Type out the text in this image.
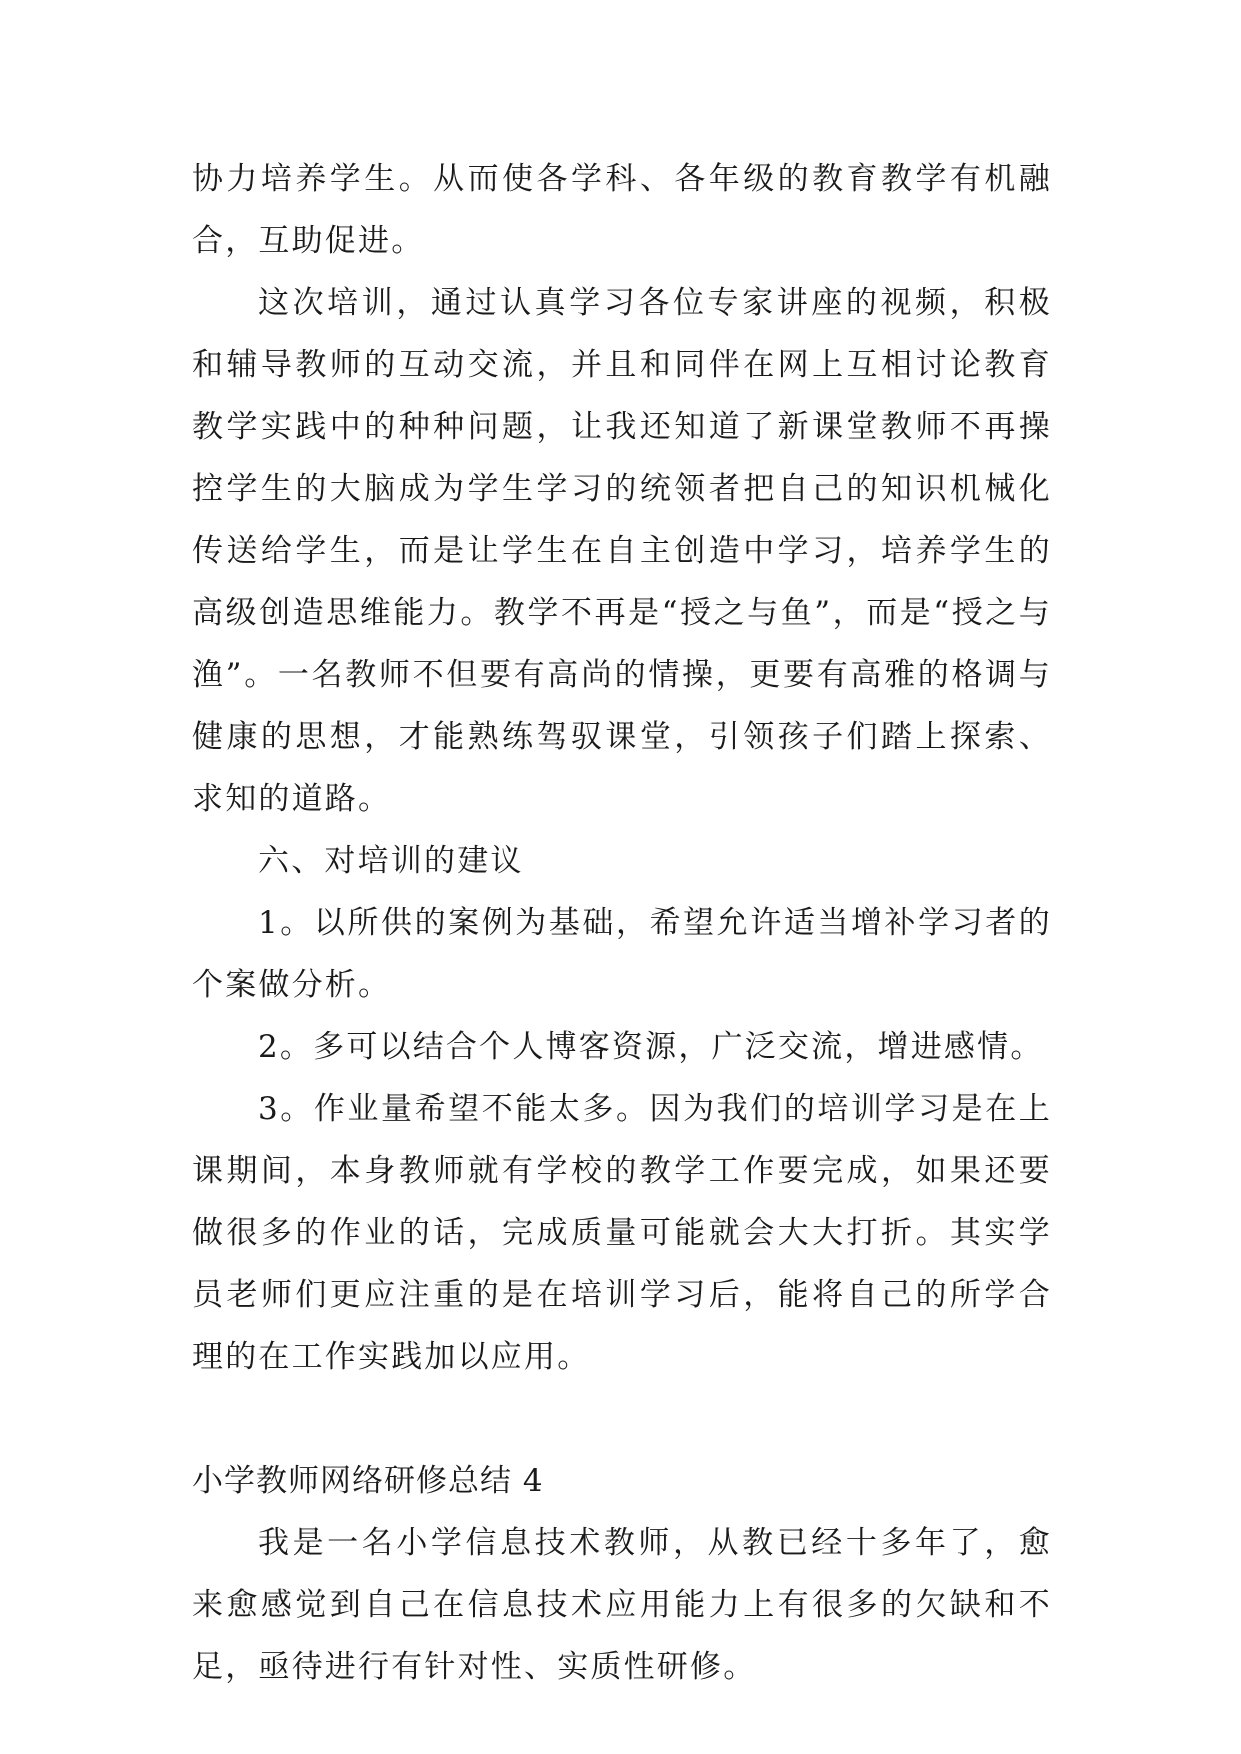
协力培养学生。从而使各学科、各年级的教育教学有机融合，互助促进。

这次培训，通过认真学习各位专家讲座的视频，积极和辅导教师的互动交流，并且和同伴在网上互相讨论教育教学实践中的种种问题，让我还知道了新课堂教师不再操控学生的大脑成为学生学习的统领者把自己的知识机械化传送给学生，而是让学生在自主创造中学习，培养学生的高级创造思维能力。教学不再是“授之与鱼”，而是“授之与渔”。一名教师不但要有高尚的情操，更要有高雅的格调与健康的思想，才能熟练驾驭课堂，引领孩子们踏上探索、求知的道路。

六、对培训的建议

1。以所供的案例为基础，希望允许适当增补学习者的个案做分析。

2。多可以结合个人博客资源，广泛交流，增进感情。

3。作业量希望不能太多。因为我们的培训学习是在上课期间，本身教师就有学校的教学工作要完成，如果还要做很多的作业的话，完成质量可能就会大大打折。其实学员老师们更应注重的是在培训学习后，能将自己的所学合理的在工作实践加以应用。

小学教师网络研修总结 4

我是一名小学信息技术教师，从教已经十多年了，愈来愈感觉到自己在信息技术应用能力上有很多的欠缺和不足，亟待进行有针对性、实质性研修。
